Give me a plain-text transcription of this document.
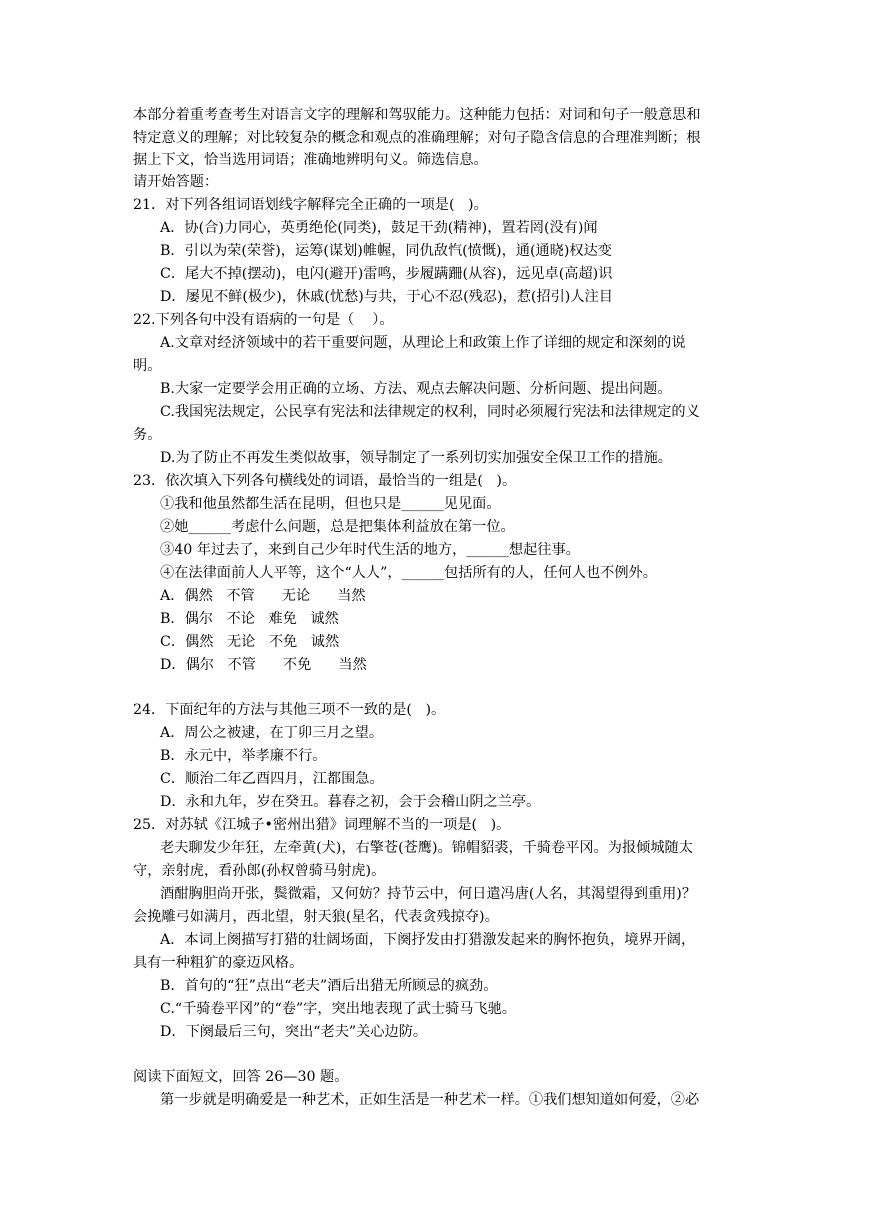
本部分着重考查考生对语言文字的理解和驾驭能力。这种能力包括：对词和句子一般意思和
特定意义的理解；对比较复杂的概念和观点的准确理解；对句子隐含信息的合理准判断；根
据上下文，恰当选用词语；准确地辨明句义。筛选信息。
请开始答题：
21．对下列各组词语划线字解释完全正确的一项是(   )。
A．协(合)力同心，英勇绝伦(同类)，鼓足干劲(精神)，置若罔(没有)闻
B．引以为荣(荣誉)，运筹(谋划)帷幄，同仇敌忾(愤慨)，通(通晓)权达变
C．尾大不掉(摆动)，电闪(避开)雷鸣，步履蹒跚(从容)，远见卓(高超)识
D．屡见不鲜(极少)，休戚(忧愁)与共，于心不忍(残忍)，惹(招引)人注目
22.下列各句中没有语病的一句是（    ）。
A.文章对经济领域中的若干重要问题，从理论上和政策上作了详细的规定和深刻的说
明。
B.大家一定要学会用正确的立场、方法、观点去解决问题、分析问题、提出问题。
C.我国宪法规定，公民享有宪法和法律规定的权利，同时必须履行宪法和法律规定的义
务。
D.为了防止不再发生类似故事，领导制定了一系列切实加强安全保卫工作的措施。
23．依次填入下列各句横线处的词语，最恰当的一组是(   )。
①我和他虽然都生活在昆明，但也只是______见见面。
②她______考虑什么问题，总是把集体利益放在第一位。
③40 年过去了，来到自己少年时代生活的地方，______想起往事。
④在法律面前人人平等，这个“人人”，______包括所有的人，任何人也不例外。
A．偶然   不管      无论      当然
B．偶尔   不论   难免   诚然
C．偶然   无论   不免   诚然
D．偶尔   不管      不免      当然
24．下面纪年的方法与其他三项不一致的是(   )。
A．周公之被逮，在丁卯三月之望。
B．永元中，举孝廉不行。
C．顺治二年乙酉四月，江都围急。
D．永和九年，岁在癸丑。暮春之初，会于会稽山阴之兰亭。
25．对苏轼《江城子•密州出猎》词理解不当的一项是(   )。
老夫聊发少年狂，左牵黄(犬)，右擎苍(苍鹰)。锦帽貂裘，千骑卷平冈。为报倾城随太
守，亲射虎，看孙郎(孙权曾骑马射虎)。
酒酣胸胆尚开张，鬓微霜，又何妨？持节云中，何日遣冯唐(人名，其渴望得到重用)？
会挽雕弓如满月，西北望，射天狼(星名，代表贪残掠夺)。
A．本词上阕描写打猎的壮阔场面，下阕抒发由打猎激发起来的胸怀抱负，境界开阔，
具有一种粗犷的豪迈风格。
B．首句的“狂”点出“老夫”酒后出猎无所顾忌的疯劲。
C.“千骑卷平冈”的“卷”字，突出地表现了武士骑马飞驰。
D．下阕最后三句，突出“老夫”关心边防。
阅读下面短文，回答 26—30 题。
第一步就是明确爱是一种艺术，正如生活是一种艺术一样。①我们想知道如何爱，②必
